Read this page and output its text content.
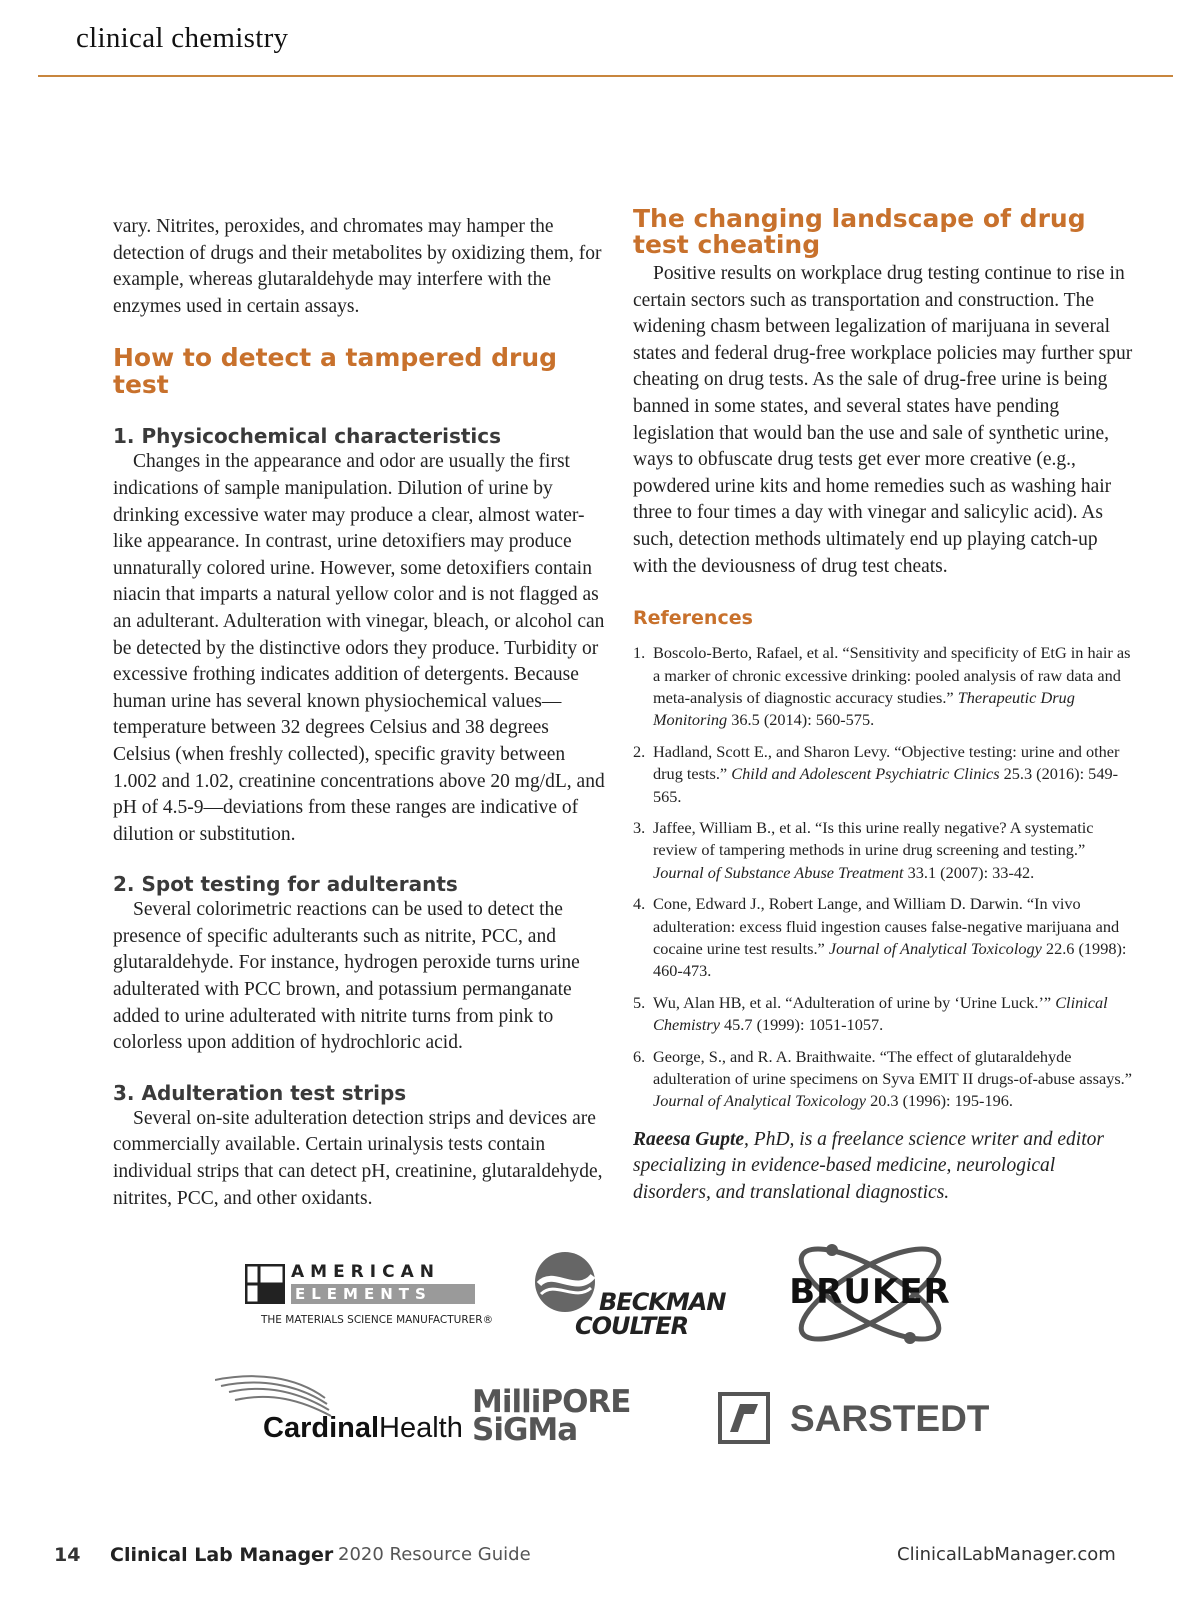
clinical chemistry

vary. Nitrites, peroxides, and chromates may hamper the detection of drugs and their metabolites by oxidizing them, for example, whereas glutaraldehyde may interfere with the enzymes used in certain assays.

How to detect a tampered drug test
1. Physicochemical characteristics

Changes in the appearance and odor are usually the first indications of sample manipulation. Dilution of urine by drinking excessive water may produce a clear, almost water-like appearance. In contrast, urine detoxifiers may produce unnaturally colored urine. However, some detoxifiers contain niacin that imparts a natural yellow color and is not flagged as an adulterant. Adulteration with vinegar, bleach, or alcohol can be detected by the distinctive odors they produce. Turbidity or excessive frothing indicates addition of detergents. Because human urine has several known physiochemical values—temperature between 32 degrees Celsius and 38 degrees Celsius (when freshly collected), specific gravity between 1.002 and 1.02, creatinine concentrations above 20 mg/dL, and pH of 4.5-9—deviations from these ranges are indicative of dilution or substitution.

2. Spot testing for adulterants

Several colorimetric reactions can be used to detect the presence of specific adulterants such as nitrite, PCC, and glutaraldehyde. For instance, hydrogen peroxide turns urine adulterated with PCC brown, and potassium permanganate added to urine adulterated with nitrite turns from pink to colorless upon addition of hydrochloric acid.

3. Adulteration test strips

Several on-site adulteration detection strips and devices are commercially available. Certain urinalysis tests contain individual strips that can detect pH, creatinine, glutaraldehyde, nitrites, PCC, and other oxidants.

The changing landscape of drug test cheating

Positive results on workplace drug testing continue to rise in certain sectors such as transportation and construction. The widening chasm between legalization of marijuana in several states and federal drug-free workplace policies may further spur cheating on drug tests. As the sale of drug-free urine is being banned in some states, and several states have pending legislation that would ban the use and sale of synthetic urine, ways to obfuscate drug tests get ever more creative (e.g., powdered urine kits and home remedies such as washing hair three to four times a day with vinegar and salicylic acid). As such, detection methods ultimately end up playing catch-up with the deviousness of drug test cheats.

References
1. Boscolo-Berto, Rafael, et al. “Sensitivity and specificity of EtG in hair as a marker of chronic excessive drinking: pooled analysis of raw data and meta-analysis of diagnostic accuracy studies.” Therapeutic Drug Monitoring 36.5 (2014): 560-575.
2. Hadland, Scott E., and Sharon Levy. “Objective testing: urine and other drug tests.” Child and Adolescent Psychiatric Clinics 25.3 (2016): 549-565.
3. Jaffee, William B., et al. “Is this urine really negative? A systematic review of tampering methods in urine drug screening and testing.” Journal of Substance Abuse Treatment 33.1 (2007): 33-42.
4. Cone, Edward J., Robert Lange, and William D. Darwin. “In vivo adulteration: excess fluid ingestion causes false-negative marijuana and cocaine urine test results.” Journal of Analytical Toxicology 22.6 (1998): 460-473.
5. Wu, Alan HB, et al. “Adulteration of urine by ‘Urine Luck.’” Clinical Chemistry 45.7 (1999): 1051-1057.
6. George, S., and R. A. Braithwaite. “The effect of glutaraldehyde adulteration of urine specimens on Syva EMIT II drugs-of-abuse assays.” Journal of Analytical Toxicology 20.3 (1996): 195-196.

Raeesa Gupte, PhD, is a freelance science writer and editor specializing in evidence-based medicine, neurological disorders, and translational diagnostics.

AMERICAN
ELEMENTS
THE MATERIALS SCIENCE MANUFACTURER®
BECKMAN
COULTER
BRUKER
CardinalHealth
MilliPORE
SiGMa	SARSTEDT
14 Clinical Lab Manager 2020 Resource Guide	ClinicalLabManager.com
